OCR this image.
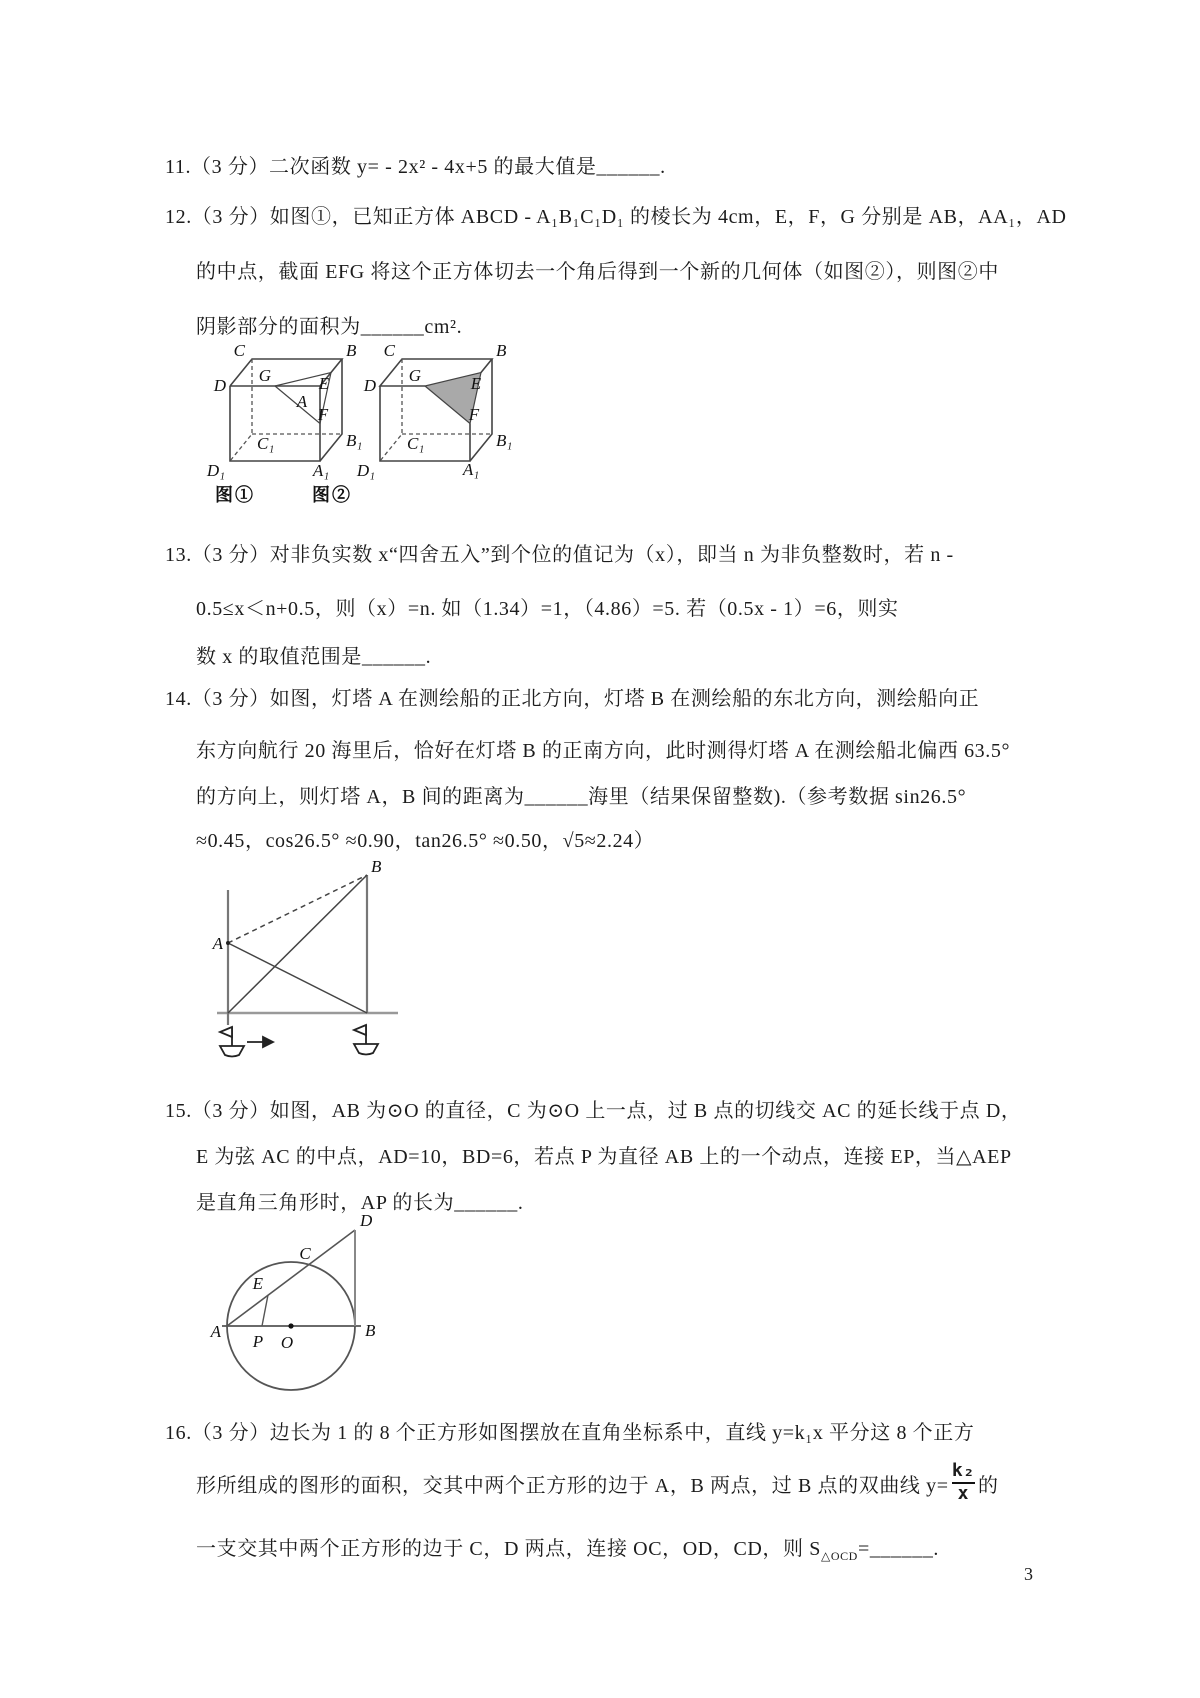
11.（3 分）二次函数 y= - 2x² - 4x+5 的最大值是______.
12.（3 分）如图①，已知正方体 ABCD - A₁B₁C₁D₁ 的棱长为 4cm，E，F，G 分别是 AB，AA₁，AD
的中点，截面 EFG 将这个正方体切去一个角后得到一个新的几何体（如图②），则图②中
阴影部分的面积为______cm².
C	B
D
G	E
A
F
C₁	B₁
D₁	A₁
C	B
D
G	E
F
C₁	B₁
D₁	A₁
图①	图②
13.（3 分）对非负实数 x“四舍五入”到个位的值记为（x），即当 n 为非负整数时，若 n -
0.5≤x＜n+0.5，则（x）=n. 如（1.34）=1，（4.86）=5. 若（0.5x - 1）=6，则实
数 x 的取值范围是______.
14.（3 分）如图，灯塔 A 在测绘船的正北方向，灯塔 B 在测绘船的东北方向，测绘船向正
东方向航行 20 海里后，恰好在灯塔 B 的正南方向，此时测得灯塔 A 在测绘船北偏西 63.5°
的方向上，则灯塔 A，B 间的距离为______海里（结果保留整数).（参考数据 sin26.5°
≈0.45，cos26.5° ≈0.90，tan26.5° ≈0.50，√5≈2.24）
A
B
15.（3 分）如图，AB 为⊙O 的直径，C 为⊙O 上一点，过 B 点的切线交 AC 的延长线于点 D，
E 为弦 AC 的中点，AD=10，BD=6，若点 P 为直径 AB 上的一个动点，连接 EP，当△AEP
是直角三角形时，AP 的长为______.
A	B
C
D
E
O
P
16.（3 分）边长为 1 的 8 个正方形如图摆放在直角坐标系中，直线 y=k₁x 平分这 8 个正方
形所组成的图形的面积，交其中两个正方形的边于 A，B 两点，过 B 点的双曲线 $y= \frac{\text{k₂}}{x}$ 的
一支交其中两个正方形的边于 C，D 两点，连接 OC，OD，CD，则 $S_{\triangle OCD}=\_\_\_\_\_\_$.
3
